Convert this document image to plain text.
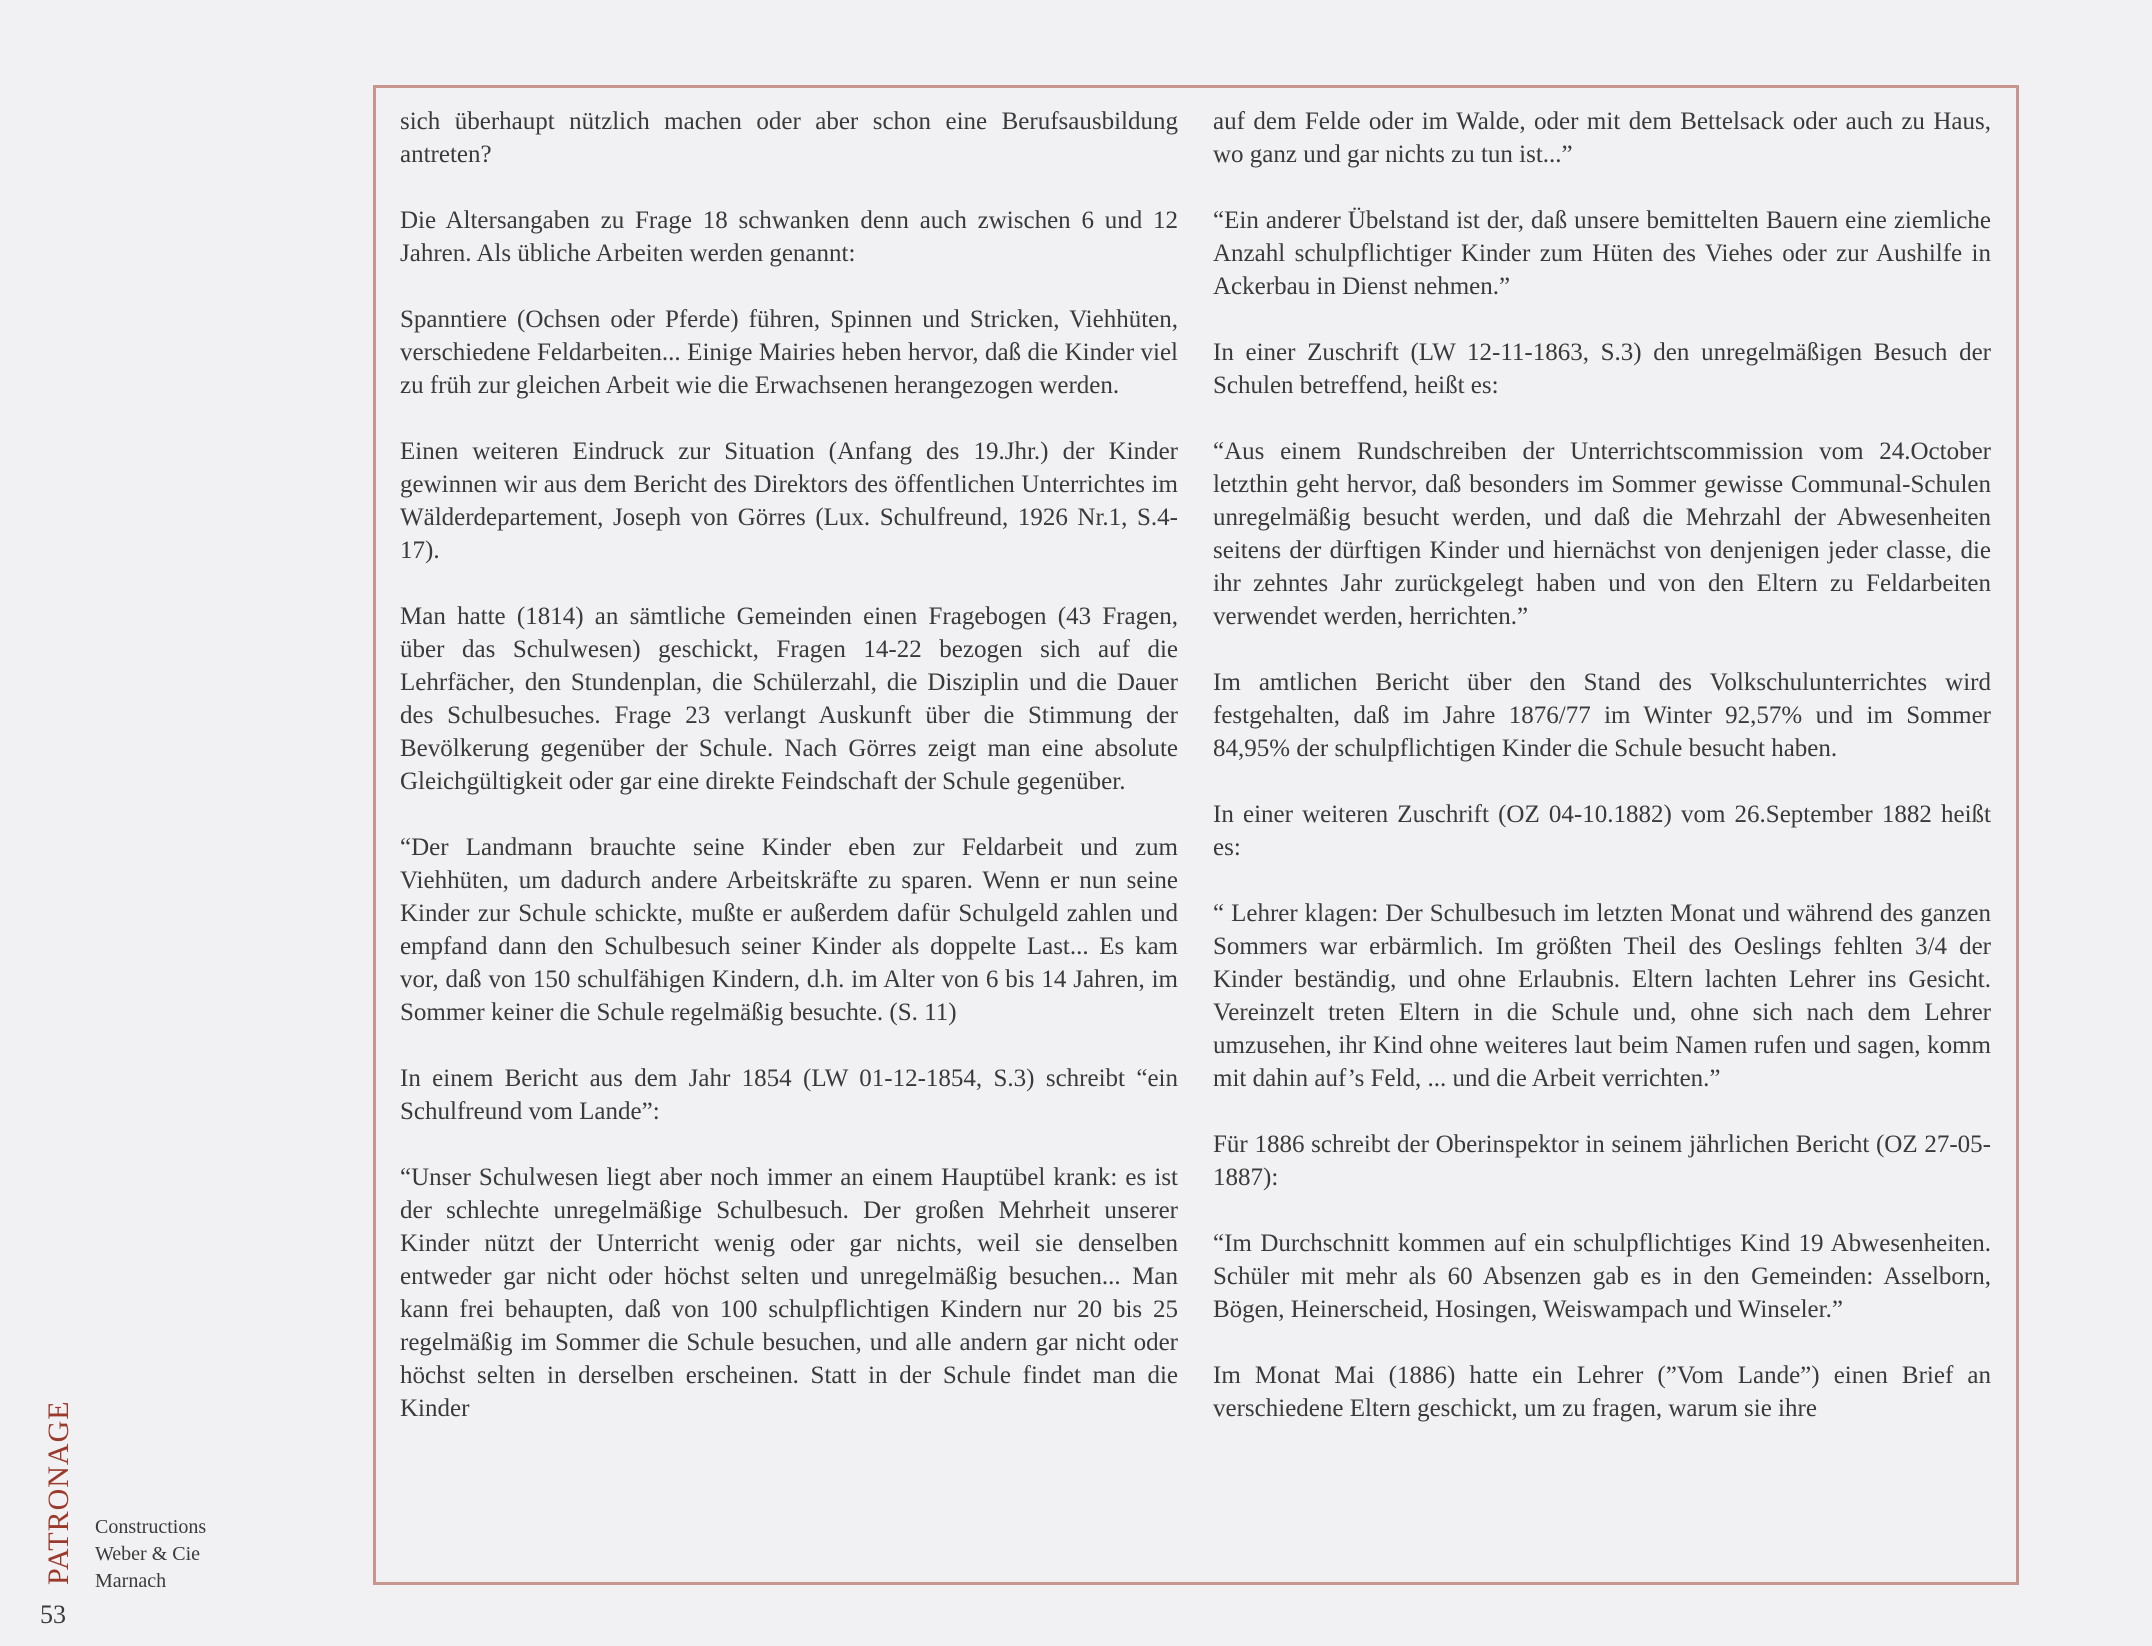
sich überhaupt nützlich machen oder aber schon eine Berufsausbildung antreten?

Die Altersangaben zu Frage 18 schwanken denn auch zwischen 6 und 12 Jahren. Als übliche Arbeiten werden genannt:

Spanntiere (Ochsen oder Pferde) führen, Spinnen und Stricken, Viehhüten, verschiedene Feldarbeiten... Einige Mairies heben hervor, daß die Kinder viel zu früh zur gleichen Arbeit wie die Erwachsenen herangezogen werden.

Einen weiteren Eindruck zur Situation (Anfang des 19.Jhr.) der Kinder gewinnen wir aus dem Bericht des Direktors des öffentlichen Unterrichtes im Wälderdepartement, Joseph von Görres (Lux. Schulfreund, 1926 Nr.1, S.4-17).

Man hatte (1814) an sämtliche Gemeinden einen Fragebogen (43 Fragen, über das Schulwesen) geschickt, Fragen 14-22 bezogen sich auf die Lehrfächer, den Stundenplan, die Schülerzahl, die Disziplin und die Dauer des Schulbesuches. Frage 23 verlangt Auskunft über die Stimmung der Bevölkerung gegenüber der Schule. Nach Görres zeigt man eine absolute Gleichgültigkeit oder gar eine direkte Feindschaft der Schule gegenüber.

“Der Landmann brauchte seine Kinder eben zur Feldarbeit und zum Viehhüten, um dadurch andere Arbeitskräfte zu sparen. Wenn er nun seine Kinder zur Schule schickte, mußte er außerdem dafür Schulgeld zahlen und empfand dann den Schulbesuch seiner Kinder als doppelte Last... Es kam vor, daß von 150 schulfähigen Kindern, d.h. im Alter von 6 bis 14 Jahren, im Sommer keiner die Schule regelmäßig besuchte. (S. 11)

In einem Bericht aus dem Jahr 1854 (LW 01-12-1854, S.3) schreibt “ein Schulfreund vom Lande”:

“Unser Schulwesen liegt aber noch immer an einem Hauptübel krank: es ist der schlechte unregelmäßige Schulbesuch. Der großen Mehrheit unserer Kinder nützt der Unterricht wenig oder gar nichts, weil sie denselben entweder gar nicht oder höchst selten und unregelmäßig besuchen... Man kann frei behaupten, daß von 100 schulpflichtigen Kindern nur 20 bis 25 regelmäßig im Sommer die Schule besuchen, und alle andern gar nicht oder höchst selten in derselben erscheinen. Statt in der Schule findet man die Kinder

auf dem Felde oder im Walde, oder mit dem Bettelsack oder auch zu Haus, wo ganz und gar nichts zu tun ist...”

“Ein anderer Übelstand ist der, daß unsere bemittelten Bauern eine ziemliche Anzahl schulpflichtiger Kinder zum Hüten des Viehes oder zur Aushilfe in Ackerbau in Dienst nehmen.”

In einer Zuschrift (LW 12-11-1863, S.3) den unregelmäßigen Besuch der Schulen betreffend, heißt es:

“Aus einem Rundschreiben der Unterrichtscommission vom 24.October letzthin geht hervor, daß besonders im Sommer gewisse Communal-Schulen unregelmäßig besucht werden, und daß die Mehrzahl der Abwesenheiten seitens der dürftigen Kinder und hiernächst von denjenigen jeder classe, die ihr zehntes Jahr zurückgelegt haben und von den Eltern zu Feldarbeiten verwendet werden, herrichten.”

Im amtlichen Bericht über den Stand des Volkschulunterrichtes wird festgehalten, daß im Jahre 1876/77 im Winter 92,57% und im Sommer 84,95% der schulpflichtigen Kinder die Schule besucht haben.

In einer weiteren Zuschrift (OZ 04-10.1882) vom 26.September 1882 heißt es:

“ Lehrer klagen: Der Schulbesuch im letzten Monat und während des ganzen Sommers war erbärmlich. Im größten Theil des Oeslings fehlten 3/4 der Kinder beständig, und ohne Erlaubnis. Eltern lachten Lehrer ins Gesicht. Vereinzelt treten Eltern in die Schule und, ohne sich nach dem Lehrer umzusehen, ihr Kind ohne weiteres laut beim Namen rufen und sagen, komm mit dahin auf’s Feld, ... und die Arbeit verrichten.”

Für 1886 schreibt der Oberinspektor in seinem jährlichen Bericht (OZ 27-05-1887):

“Im Durchschnitt kommen auf ein schulpflichtiges Kind 19 Abwesenheiten. Schüler mit mehr als 60 Absenzen gab es in den Gemeinden: Asselborn, Bögen, Heinerscheid, Hosingen, Weiswampach und Winseler.”

Im Monat Mai (1886) hatte ein Lehrer (”Vom Lande”) einen Brief an verschiedene Eltern geschickt, um zu fragen, warum sie ihre

PATRONAGE Constructions
Weber & Cie
Marnach
53
